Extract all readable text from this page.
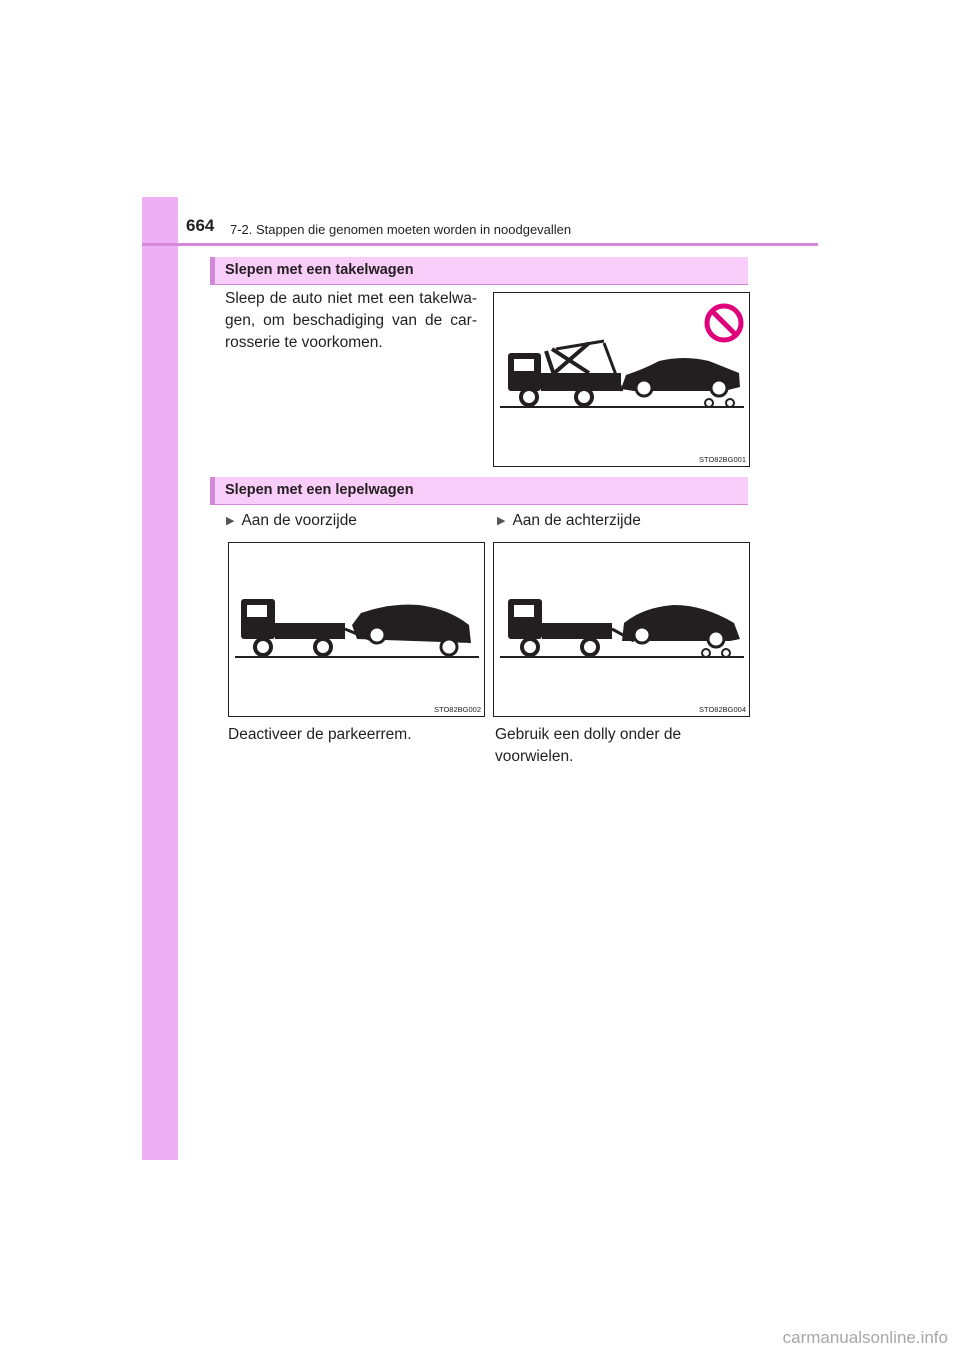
664 7-2. Stappen die genomen moeten worden in noodgevallen
Slepen met een takelwagen
Sleep de auto niet met een takelwa-gen, om beschadiging van de car-rosserie te voorkomen.
STO82BG001
Slepen met een lepelwagen
▶ Aan de voorzijde	▶ Aan de achterzijde
STO82BG002	STO82BG004
Deactiveer de parkeerrem.	Gebruik een dolly onder de voorwielen.
carmanualsonline.info
